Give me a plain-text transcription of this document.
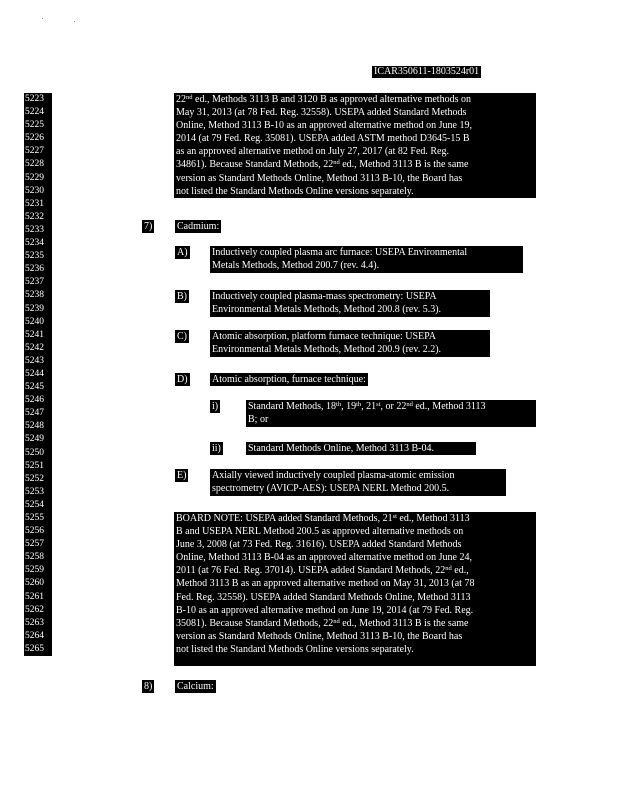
ICAR350611-1803524r01
5223
5224
5225
5226
5227
5228
5229
5230
5231
5232
5233
5234
5235
5236
5237
5238
5239
5240
5241
5242
5243
5244
5245
5246
5247
5248
5249
5250
5251
5252
5253
5254
5255
5256
5257
5258
5259
5260
5261
5262
5263
5264
5265

22nd ed., Methods 3113 B and 3120 B as approved alternative methods on

May 31, 2013 (at 78 Fed. Reg. 32558). USEPA added Standard Methods

Online, Method 3113 B-10 as an approved alternative method on June 19,

2014 (at 79 Fed. Reg. 35081). USEPA added ASTM method D3645-15 B

as an approved alternative method on July 27, 2017 (at 82 Fed. Reg.

34861). Because Standard Methods, 22nd ed., Method 3113 B is the same

version as Standard Methods Online, Method 3113 B-10, the Board has

not listed the Standard Methods Online versions separately.

7) Cadmium:
A) Inductively coupled plasma arc furnace: USEPA Environmental

Metals Methods, Method 200.7 (rev. 4.4).

B)	Inductively coupled plasma-mass spectrometry: USEPA

Environmental Metals Methods, Method 200.8 (rev. 5.3).

C)	Atomic absorption, platform furnace technique: USEPA

Environmental Metals Methods, Method 200.9 (rev. 2.2).

D) Atomic absorption, furnace technique:
i)	Standard Methods, 18th, 19th, 21st, or 22nd ed., Method 3113

B; or

ii)	Standard Methods Online, Method 3113 B-04.
E)	Axially viewed inductively coupled plasma-atomic emission

spectrometry (AVICP-AES): USEPA NERL Method 200.5.

BOARD NOTE: USEPA added Standard Methods, 21st ed., Method 3113

B and USEPA NERL Method 200.5 as approved alternative methods on

June 3, 2008 (at 73 Fed. Reg. 31616). USEPA added Standard Methods

Online, Method 3113 B-04 as an approved alternative method on June 24,

2011 (at 76 Fed. Reg. 37014). USEPA added Standard Methods, 22nd ed.,

Method 3113 B as an approved alternative method on May 31, 2013 (at 78

Fed. Reg. 32558). USEPA added Standard Methods Online, Method 3113

B-10 as an approved alternative method on June 19, 2014 (at 79 Fed. Reg.

35081). Because Standard Methods, 22nd ed., Method 3113 B is the same

version as Standard Methods Online, Method 3113 B-10, the Board has

not listed the Standard Methods Online versions separately.

8) Calcium:
